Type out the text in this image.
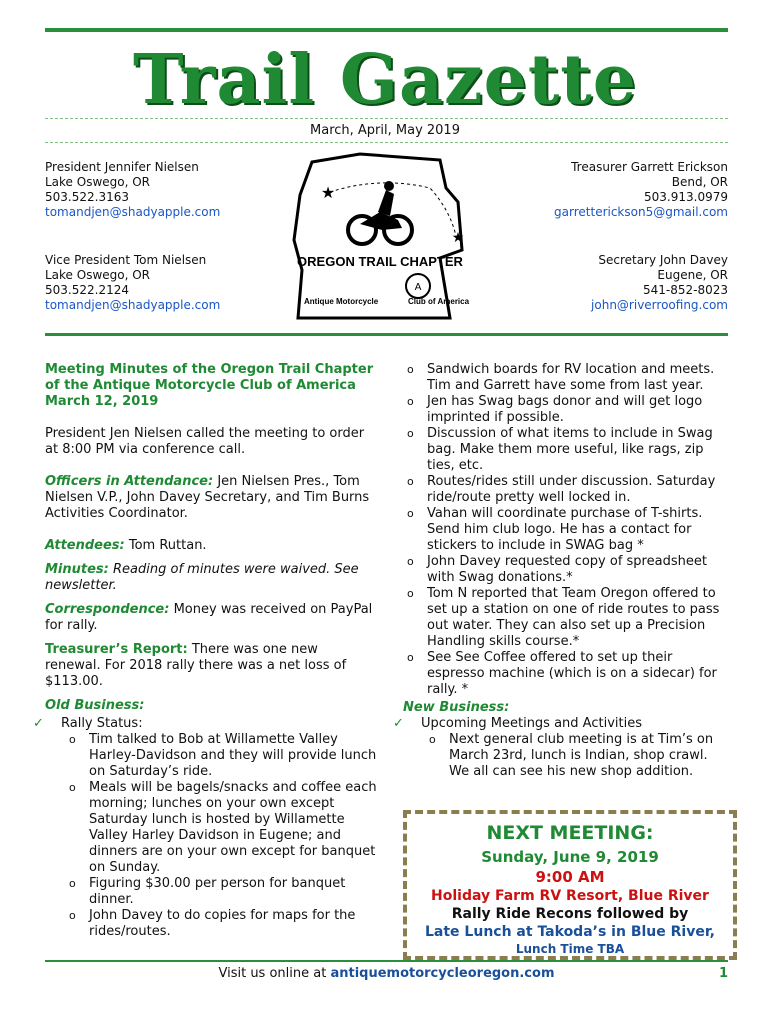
Trail Gazette
March, April, May 2019
President Jennifer Nielsen
Lake Oswego, OR
503.522.3163
tomandjen@shadyapple.com
Vice President Tom Nielsen
Lake Oswego, OR
503.522.2124
tomandjen@shadyapple.com
Treasurer Garrett Erickson
Bend, OR
503.913.0979
garretterickson5@gmail.com
Secretary John Davey
Eugene, OR
541-852-8023
john@riverroofing.com
★
★
OREGON TRAIL CHAPTER
A
Antique Motorcycle	Club of America

Meeting Minutes of the Oregon Trail Chapter of the Antique Motorcycle Club of America March 12, 2019

President Jen Nielsen called the meeting to order at 8:00 PM via conference call.

Officers in Attendance: Jen Nielsen Pres., Tom Nielsen V.P., John Davey Secretary, and Tim Burns Activities Coordinator.

Attendees: Tom Ruttan.

Minutes: Reading of minutes were waived. See newsletter.

Correspondence: Money was received on PayPal for rally.

Treasurer’s Report: There was one new renewal. For 2018 rally there was a net loss of $113.00.

Old Business:

✓ Rally Status:
o Tim talked to Bob at Willamette Valley Harley-Davidson and they will provide lunch on Saturday’s ride.
o Meals will be bagels/snacks and coffee each morning; lunches on your own except Saturday lunch is hosted by Willamette Valley Harley Davidson in Eugene; and dinners are on your own except for banquet on Sunday.
o Figuring $30.00 per person for banquet dinner.
o John Davey to do copies for maps for the rides/routes.
o Sandwich boards for RV location and meets. Tim and Garrett have some from last year.
o Jen has Swag bags donor and will get logo imprinted if possible.
o Discussion of what items to include in Swag bag. Make them more useful, like rags, zip ties, etc.
o Routes/rides still under discussion. Saturday ride/route pretty well locked in.
o Vahan will coordinate purchase of T-shirts. Send him club logo. He has a contact for stickers to include in SWAG bag *
o John Davey requested copy of spreadsheet with Swag donations.*
o Tom N reported that Team Oregon offered to set up a station on one of ride routes to pass out water. They can also set up a Precision Handling skills course.*
o See See Coffee offered to set up their espresso machine (which is on a sidecar) for rally. *

New Business:

✓ Upcoming Meetings and Activities
o Next general club meeting is at Tim’s on March 23rd, lunch is Indian, shop crawl. We all can see his new shop addition.
NEXT MEETING:
Sunday, June 9, 2019
9:00 AM
Holiday Farm RV Resort, Blue River
Rally Ride Recons followed by
Late Lunch at Takoda’s in Blue River,
Lunch Time TBA
Visit us online at antiquemotorcycleoregon.com	1
